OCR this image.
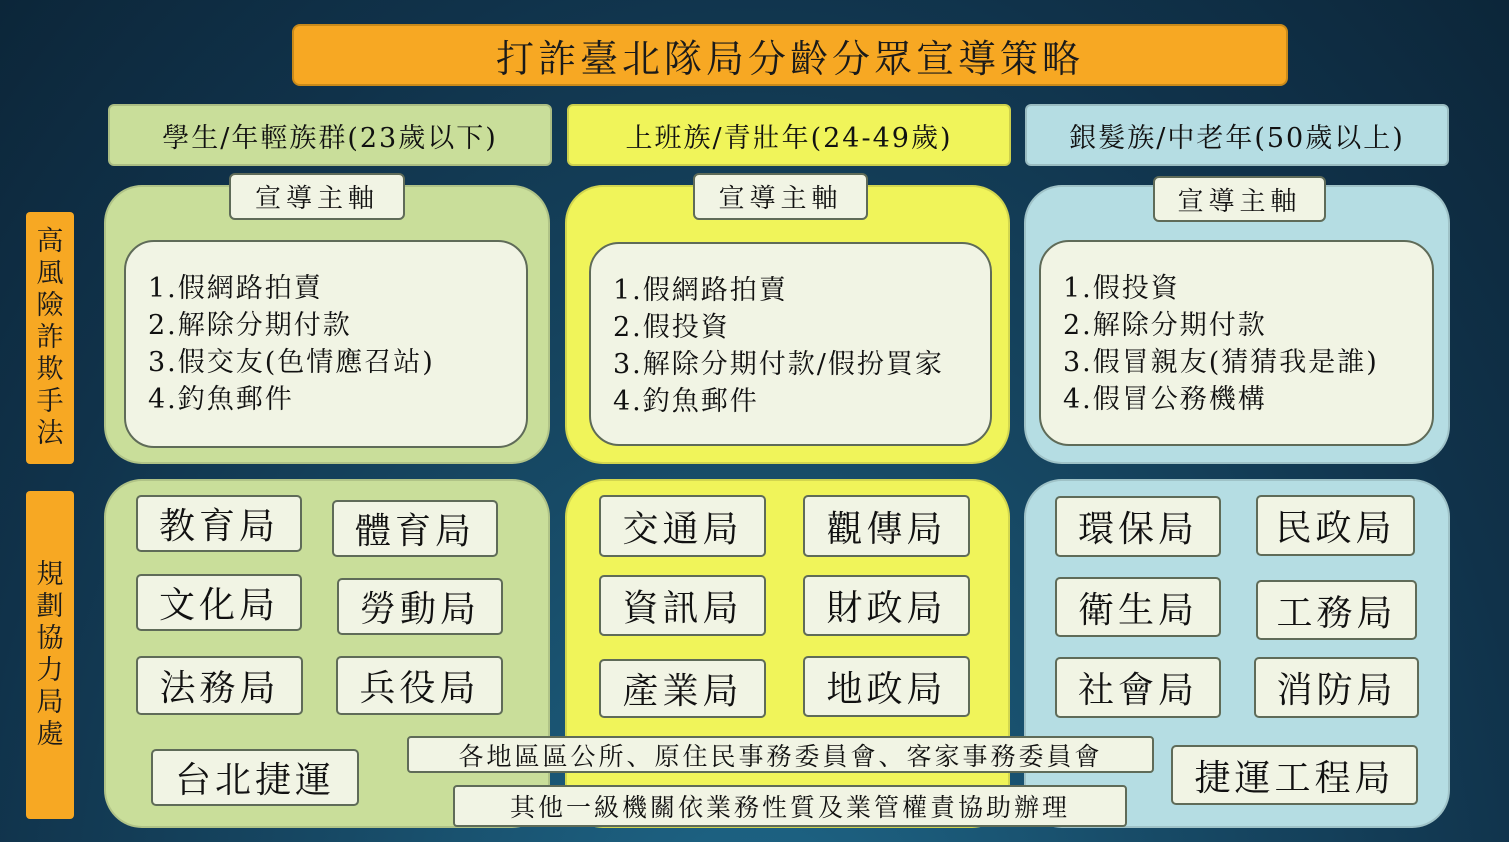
打詐臺北隊局分齡分眾宣導策略
高
風
險
詐
欺
手
法
規
劃
協
力
局
處
學生/年輕族群(23歲以下)	上班族/青壯年(24-49歲)	銀髮族/中老年(50歲以上)
宣導主軸	宣導主軸	宣導主軸
1.假網路拍賣
2.解除分期付款
3.假交友(色情應召站)
4.釣魚郵件
1.假網路拍賣
2.假投資
3.解除分期付款/假扮買家
4.釣魚郵件
1.假投資
2.解除分期付款
3.假冒親友(猜猜我是誰)
4.假冒公務機構
教育局	體育局
文化局	勞動局
法務局	兵役局
台北捷運
交通局	觀傳局
資訊局	財政局
產業局	地政局
環保局	民政局
衛生局	工務局
社會局	消防局
捷運工程局
各地區區公所、原住民事務委員會、客家事務委員會
其他一級機關依業務性質及業管權責協助辦理
